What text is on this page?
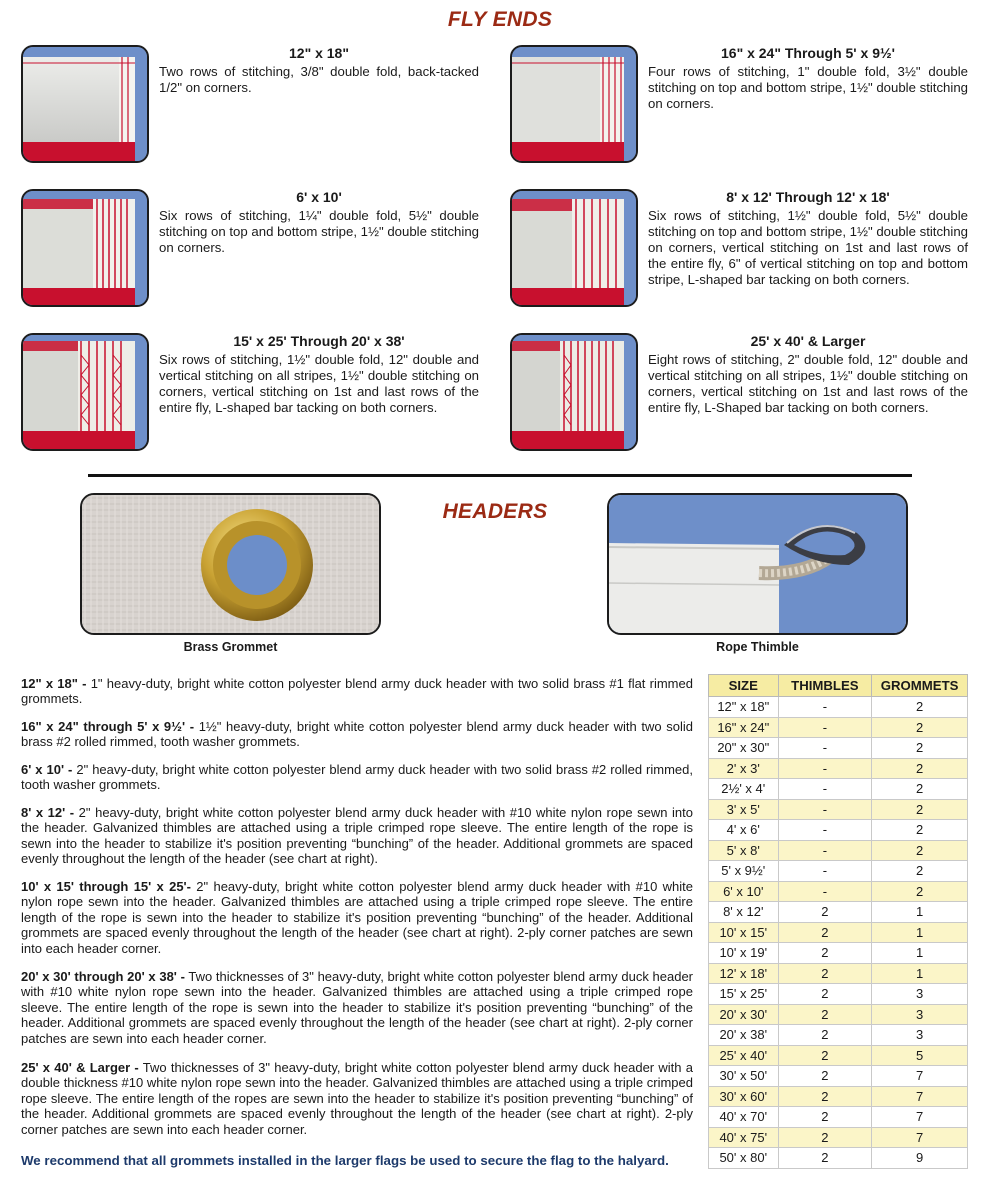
FLY ENDS
12" x 18"
Two rows of stitching, 3/8" double fold, back-tacked 1/2" on corners.
16" x 24" Through 5' x 9½'
Four rows of stitching, 1" double fold, 3½" double stitching on top and bottom stripe, 1½" double stitching on corners.
6' x 10'
Six rows of stitching, 1¼" double fold, 5½" double stitching on top and bottom stripe, 1½" double stitching on corners.
8' x 12' Through 12' x 18'
Six rows of stitching, 1½" double fold, 5½" double stitching on top and bottom stripe, 1½" double stitching on corners, vertical stitching on 1st and last rows of the entire fly, 6" of vertical stitching on top and bottom stripe, L-shaped bar tacking on both corners.
15' x 25' Through 20' x 38'
Six rows of stitching, 1½" double fold, 12" double and vertical stitching on all stripes, 1½" double stitching on corners, vertical stitching on 1st and last rows of the entire fly, L-shaped bar tacking on both corners.
25' x 40' & Larger
Eight rows of stitching, 2" double fold, 12" double and vertical stitching on all stripes, 1½" double stitching on corners, vertical stitching on 1st and last rows of the entire fly, L-Shaped bar tacking on both corners.
HEADERS
Brass Grommet	Rope Thimble
12" x 18" - 1" heavy-duty, bright white cotton polyester blend army duck header with two solid brass #1 flat rimmed grommets.
16" x 24" through 5' x 9½' - 1½" heavy-duty, bright white cotton polyester blend army duck header with two solid brass #2 rolled rimmed, tooth washer grommets.
6' x 10' - 2" heavy-duty, bright white cotton polyester blend army duck header with two solid brass #2 rolled rimmed, tooth washer grommets.
8' x 12' - 2" heavy-duty, bright white cotton polyester blend army duck header with #10 white nylon rope sewn into the header. Galvanized thimbles are attached using a triple crimped rope sleeve. The entire length of the rope is sewn into the header to stabilize it's position preventing “bunching” of the header. Additional grommets are spaced evenly throughout the length of the header (see chart at right).
10' x 15' through 15' x 25'- 2" heavy-duty, bright white cotton polyester blend army duck header with #10 white nylon rope sewn into the header. Galvanized thimbles are attached using a triple crimped rope sleeve. The entire length of the rope is sewn into the header to stabilize it's position preventing “bunching” of the header. Additional grommets are spaced evenly throughout the length of the header (see chart at right). 2-ply corner patches are sewn into each header corner.
20' x 30' through 20' x 38' - Two thicknesses of 3" heavy-duty, bright white cotton polyester blend army duck header with #10 white nylon rope sewn into the header. Galvanized thimbles are attached using a triple crimped rope sleeve. The entire length of the rope is sewn into the header to stabilize it's position preventing “bunching” of the header. Additional grommets are spaced evenly throughout the length of the header (see chart at right). 2-ply corner patches are sewn into each header corner.
25' x 40' & Larger - Two thicknesses of 3" heavy-duty, bright white cotton polyester blend army duck header with a double thickness #10 white nylon rope sewn into the header. Galvanized thimbles are attached using a triple crimped rope sleeve. The entire length of the ropes are sewn into the header to stabilize it's position preventing “bunching” of the header. Additional grommets are spaced evenly throughout the length of the header (see chart at right). 2-ply corner patches are sewn into each header corner.
We recommend that all grommets installed in the larger flags be used to secure the flag to the halyard.
SIZE	THIMBLES	GROMMETS
12" x 18"	-	2
16" x 24"	-	2
20" x 30"	-	2
2' x 3'	-	2
2½' x 4'	-	2
3' x 5'	-	2
4' x 6'	-	2
5' x 8'	-	2
5' x 9½'	-	2
6' x 10'	-	2
8' x 12'	2	1
10' x 15'	2	1
10' x 19'	2	1
12' x 18'	2	1
15' x 25'	2	3
20' x 30'	2	3
20' x 38'	2	3
25' x 40'	2	5
30' x 50'	2	7
30' x 60'	2	7
40' x 70'	2	7
40' x 75'	2	7
50' x 80'	2	9
